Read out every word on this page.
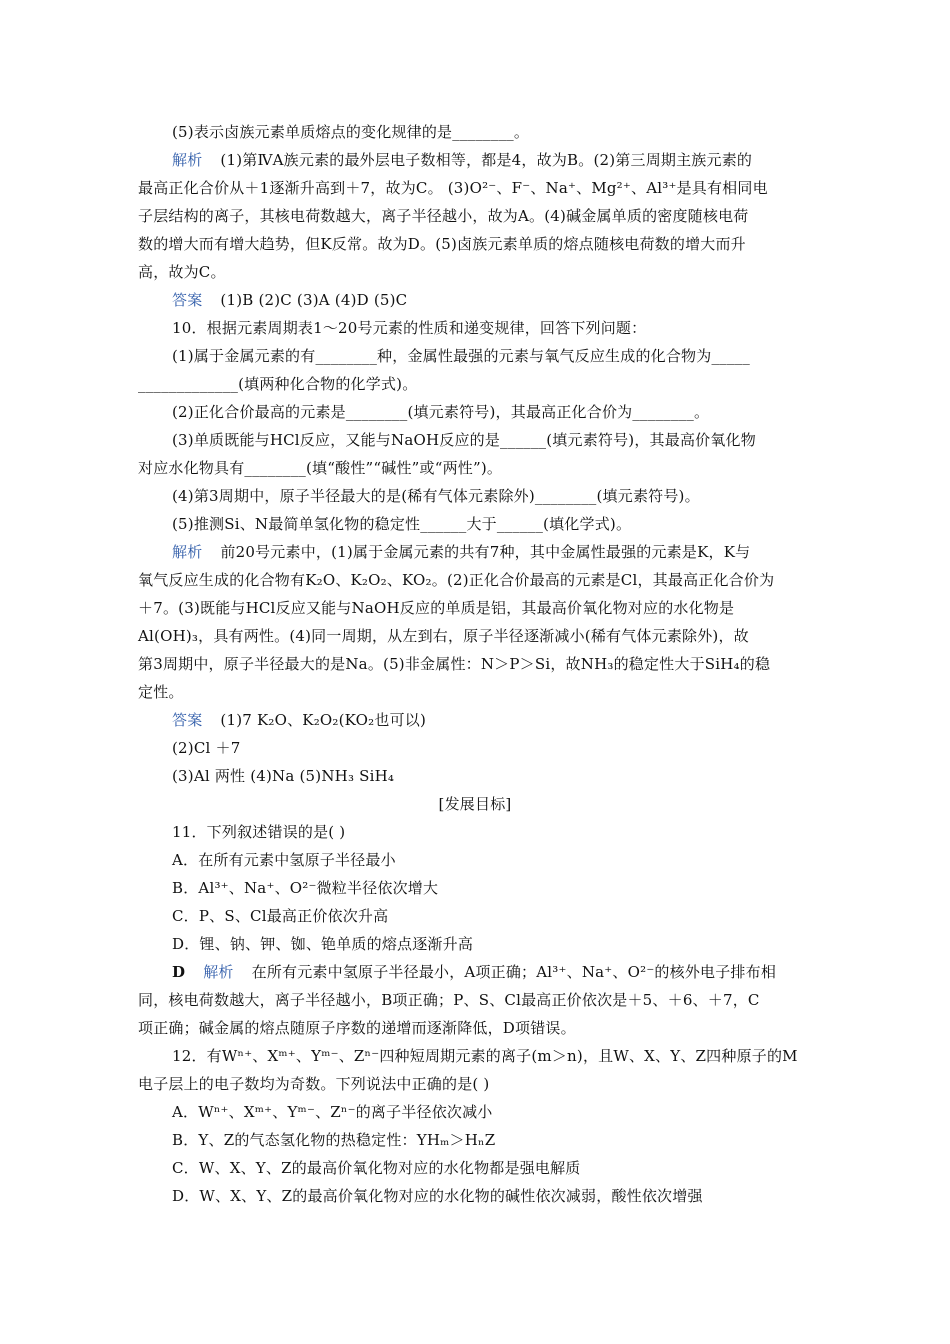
(5)表示卤族元素单质熔点的变化规律的是________。
解析 (1)第ⅣA族元素的最外层电子数相等，都是4，故为B。(2)第三周期主族元素的
最高正化合价从＋1逐渐升高到＋7，故为C。 (3)O²⁻、F⁻、Na⁺、Mg²⁺、Al³⁺是具有相同电
子层结构的离子，其核电荷数越大，离子半径越小，故为A。(4)碱金属单质的密度随核电荷
数的增大而有增大趋势，但K反常。故为D。(5)卤族元素单质的熔点随核电荷数的增大而升
高，故为C。
答案 (1)B (2)C (3)A (4)D (5)C
10．根据元素周期表1～20号元素的性质和递变规律，回答下列问题：
(1)属于金属元素的有________种，金属性最强的元素与氧气反应生成的化合物为_____
_____________(填两种化合物的化学式)。
(2)正化合价最高的元素是________(填元素符号)，其最高正化合价为________。
(3)单质既能与HCl反应，又能与NaOH反应的是______(填元素符号)，其最高价氧化物
对应水化物具有________(填“酸性”“碱性”或“两性”)。
(4)第3周期中，原子半径最大的是(稀有气体元素除外)________(填元素符号)。
(5)推测Si、N最简单氢化物的稳定性______大于______(填化学式)。
解析 前20号元素中，(1)属于金属元素的共有7种，其中金属性最强的元素是K，K与
氧气反应生成的化合物有K₂O、K₂O₂、KO₂。(2)正化合价最高的元素是Cl，其最高正化合价为
＋7。(3)既能与HCl反应又能与NaOH反应的单质是铝，其最高价氧化物对应的水化物是
Al(OH)₃，具有两性。(4)同一周期，从左到右，原子半径逐渐减小(稀有气体元素除外)，故
第3周期中，原子半径最大的是Na。(5)非金属性：N＞P＞Si，故NH₃的稳定性大于SiH₄的稳
定性。
答案 (1)7 K₂O、K₂O₂(KO₂也可以)
(2)Cl ＋7
(3)Al 两性 (4)Na (5)NH₃ SiH₄
[发展目标]
11．下列叙述错误的是( )
A．在所有元素中氢原子半径最小
B．Al³⁺、Na⁺、O²⁻微粒半径依次增大
C．P、S、Cl最高正价依次升高
D．锂、钠、钾、铷、铯单质的熔点逐渐升高
D 解析 在所有元素中氢原子半径最小，A项正确；Al³⁺、Na⁺、O²⁻的核外电子排布相
同，核电荷数越大，离子半径越小，B项正确；P、S、Cl最高正价依次是＋5、＋6、＋7，C
项正确；碱金属的熔点随原子序数的递增而逐渐降低，D项错误。
12．有Wⁿ⁺、Xᵐ⁺、Yᵐ⁻、Zⁿ⁻四种短周期元素的离子(m＞n)，且W、X、Y、Z四种原子的M
电子层上的电子数均为奇数。下列说法中正确的是( )
A．Wⁿ⁺、Xᵐ⁺、Yᵐ⁻、Zⁿ⁻的离子半径依次减小
B．Y、Z的气态氢化物的热稳定性：YHₘ＞HₙZ
C．W、X、Y、Z的最高价氧化物对应的水化物都是强电解质
D．W、X、Y、Z的最高价氧化物对应的水化物的碱性依次减弱，酸性依次增强
